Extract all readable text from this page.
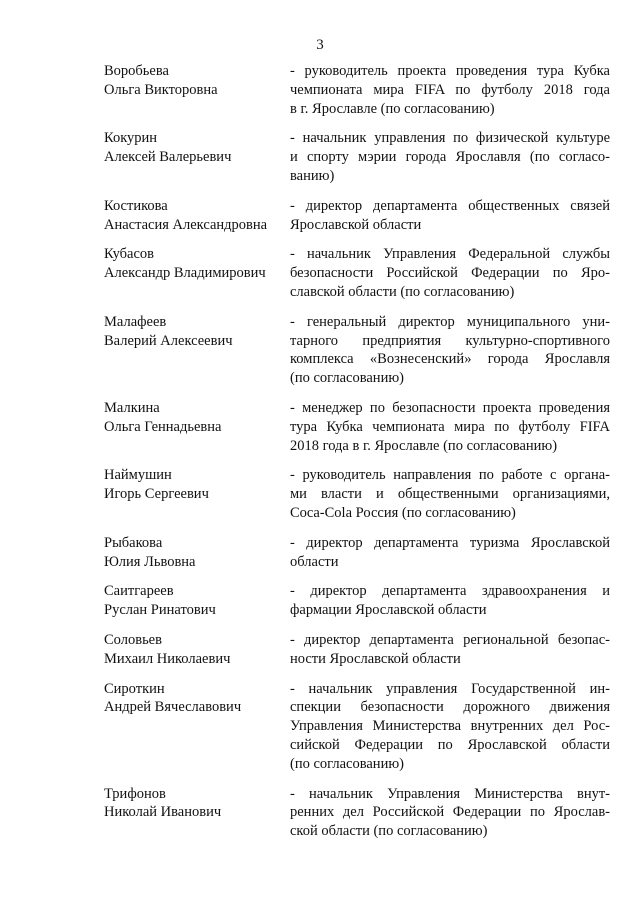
3
Воробьева
Ольга Викторовна
- руководитель проекта проведения тура Кубка
чемпионата мира FIFA по футболу 2018 года
в г. Ярославле (по согласованию)
Кокурин
Алексей Валерьевич
- начальник управления по физической культуре
и спорту мэрии города Ярославля (по согласо-
ванию)
Костикова
Анастасия Александровна
- директор департамента общественных связей
Ярославской области
Кубасов
Александр Владимирович
- начальник Управления Федеральной службы
безопасности Российской Федерации по Яро-
славской области (по согласованию)
Малафеев
Валерий Алексеевич
- генеральный директор муниципального уни-
тарного предприятия культурно-спортивного
комплекса «Вознесенский» города Ярославля
(по согласованию)
Малкина
Ольга Геннадьевна
- менеджер по безопасности проекта проведения
тура Кубка чемпионата мира по футболу FIFA
2018 года в г. Ярославле (по согласованию)
Наймушин
Игорь Сергеевич
- руководитель направления по работе с органа-
ми власти и общественными организациями,
Coca-Cola Россия (по согласованию)
Рыбакова
Юлия Львовна
- директор департамента туризма Ярославской
области
Саитгареев
Руслан Ринатович
- директор департамента здравоохранения и
фармации Ярославской области
Соловьев
Михаил Николаевич
- директор департамента региональной безопас-
ности Ярославской области
Сироткин
Андрей Вячеславович
- начальник управления Государственной ин-
спекции безопасности дорожного движения
Управления Министерства внутренних дел Рос-
сийской Федерации по Ярославской области
(по согласованию)
Трифонов
Николай Иванович
- начальник Управления Министерства внут-
ренних дел Российской Федерации по Ярослав-
ской области (по согласованию)
